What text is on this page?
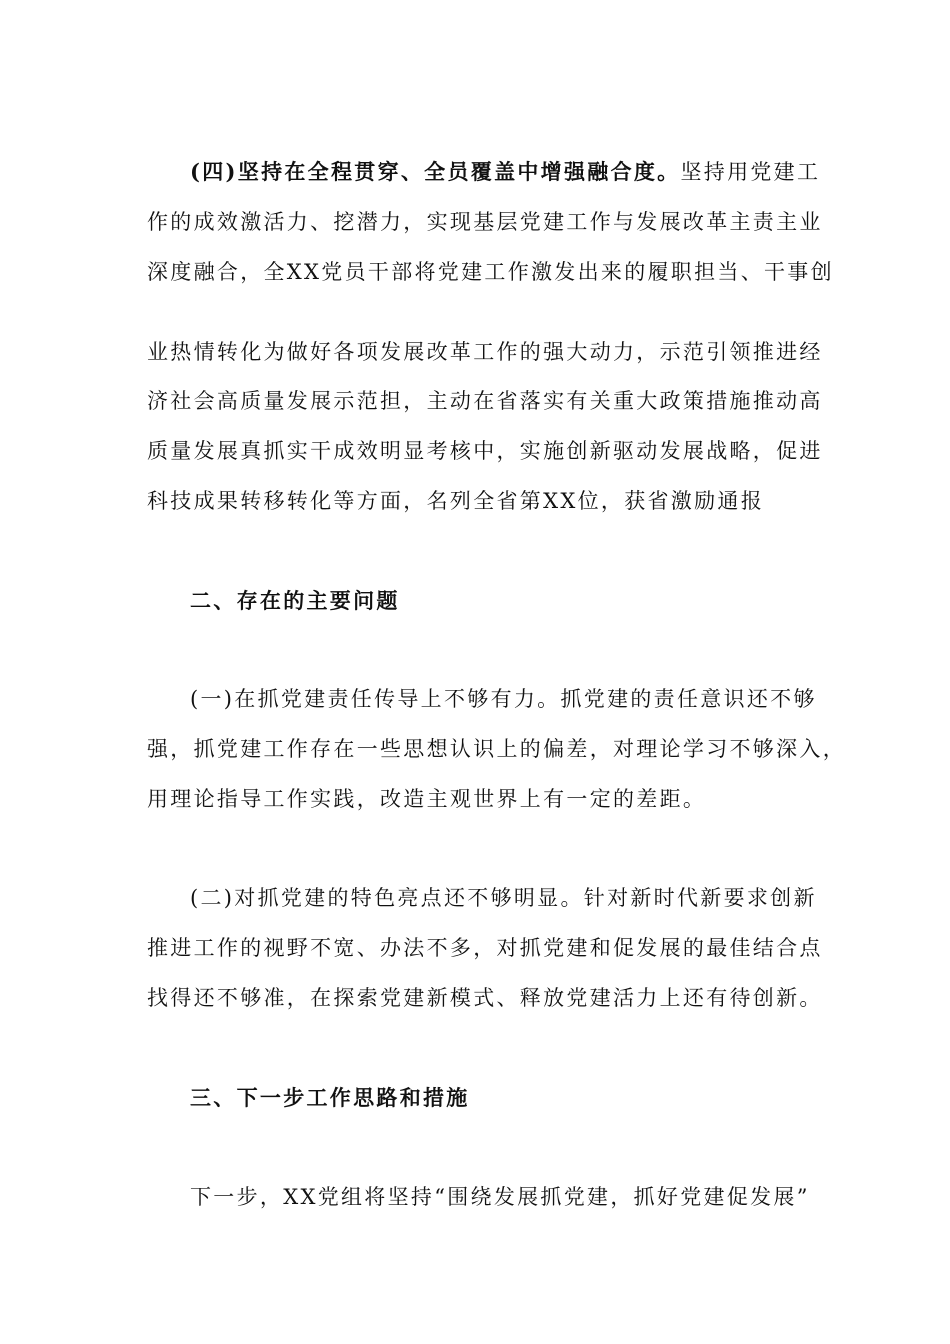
(四)坚持在全程贯穿、全员覆盖中增强融合度。坚持用党建工
作的成效激活力、挖潜力，实现基层党建工作与发展改革主责主业
深度融合，全XX党员干部将党建工作激发出来的履职担当、干事创
业热情转化为做好各项发展改革工作的强大动力，示范引领推进经
济社会高质量发展示范担，主动在省落实有关重大政策措施推动高
质量发展真抓实干成效明显考核中，实施创新驱动发展战略，促进
科技成果转移转化等方面，名列全省第XX位，获省激励通报
二、存在的主要问题
(一)在抓党建责任传导上不够有力。抓党建的责任意识还不够
强，抓党建工作存在一些思想认识上的偏差，对理论学习不够深入，
用理论指导工作实践，改造主观世界上有一定的差距。
(二)对抓党建的特色亮点还不够明显。针对新时代新要求创新
推进工作的视野不宽、办法不多，对抓党建和促发展的最佳结合点
找得还不够准，在探索党建新模式、释放党建活力上还有待创新。
三、下一步工作思路和措施
下一步，XX党组将坚持“围绕发展抓党建，抓好党建促发展”
